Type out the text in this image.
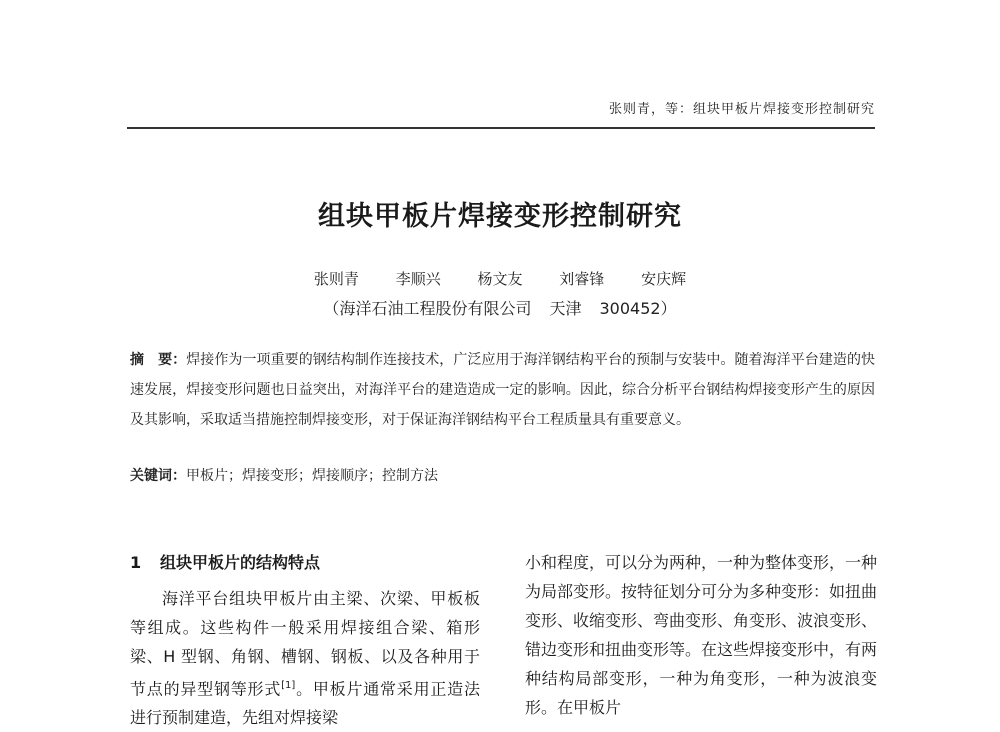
张则青，等：组块甲板片焊接变形控制研究
组块甲板片焊接变形控制研究
张则青 李顺兴 杨文友 刘睿锋 安庆辉
（海洋石油工程股份有限公司 天津 300452）
摘　要：焊接作为一项重要的钢结构制作连接技术，广泛应用于海洋钢结构平台的预制与安装中。随着海洋平台建造的快速发展，焊接变形问题也日益突出，对海洋平台的建造造成一定的影响。因此，综合分析平台钢结构焊接变形产生的原因及其影响，采取适当措施控制焊接变形，对于保证海洋钢结构平台工程质量具有重要意义。
关键词：甲板片；焊接变形；焊接顺序；控制方法
1 组块甲板片的结构特点
海洋平台组块甲板片由主梁、次梁、甲板板等组成。这些构件一般采用焊接组合梁、箱形梁、H 型钢、角钢、槽钢、钢板、以及各种用于节点的异型钢等形式[1]。甲板片通常采用正造法进行预制建造，先组对焊接梁
小和程度，可以分为两种，一种为整体变形，一种为局部变形。按特征划分可分为多种变形：如扭曲变形、收缩变形、弯曲变形、角变形、波浪变形、错边变形和扭曲变形等。在这些焊接变形中，有两种结构局部变形，一种为角变形，一种为波浪变形。在甲板片
